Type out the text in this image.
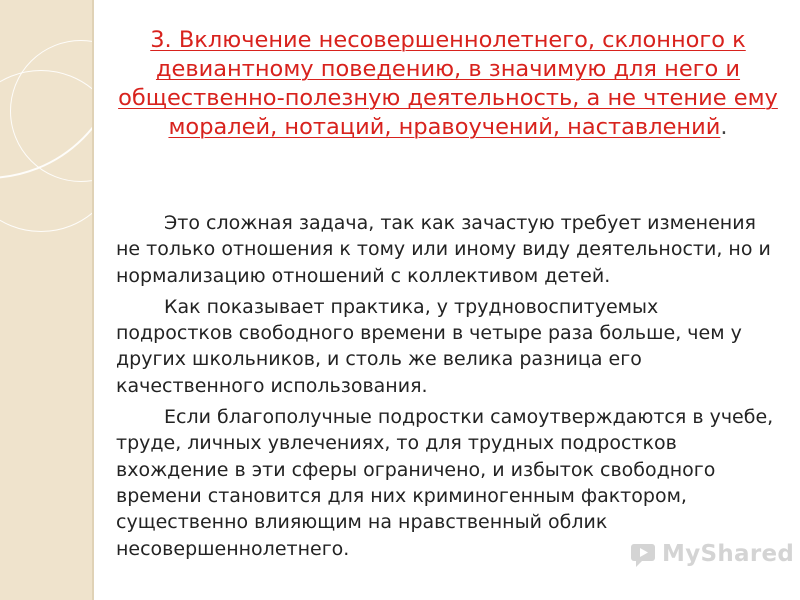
3. Включение несовершеннолетнего, склонного к девиантному поведению, в значимую для него и общественно-полезную деятельность, а не чтение ему моралей, нотаций, нравоучений, наставлений.

Это сложная задача, так как зачастую требует изменения не только отношения к тому или иному виду деятельности, но и нормализацию отношений с коллективом детей.

Как показывает практика, у трудновоспитуемых подростков свободного времени в четыре раза больше, чем у других школьников, и столь же велика разница его качественного использования.

Если благополучные подростки самоутверждаются в учебе, труде, личных увлечениях, то для трудных подростков вхождение в эти сферы ограничено, и избыток свободного времени становится для них криминогенным фактором, существенно влияющим на нравственный облик несовершеннолетнего.	MyShared
